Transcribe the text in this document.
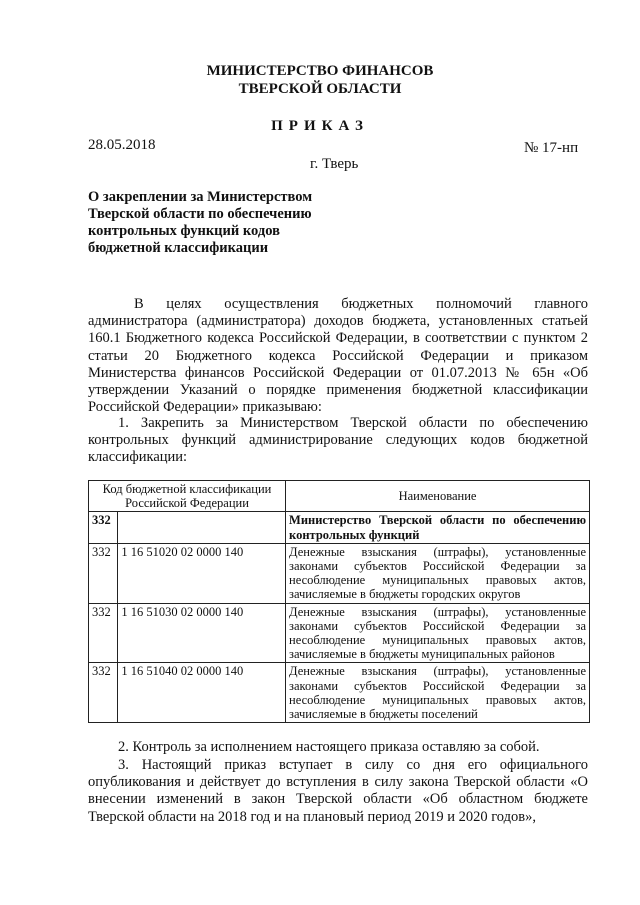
МИНИСТЕРСТВО ФИНАНСОВ
ТВЕРСКОЙ ОБЛАСТИ
ПРИКАЗ
28.05.2018	№ 17-нп
г. Тверь
О закреплении за Министерством Тверской области по обеспечению контрольных функций кодов бюджетной классификации
В целях осуществления бюджетных полномочий главного администратора (администратора) доходов бюджета, установленных статьей 160.1 Бюджетного кодекса Российской Федерации, в соответствии с пунктом 2 статьи 20 Бюджетного кодекса Российской Федерации и приказом Министерства финансов Российской Федерации от 01.07.2013 № 65н «Об утверждении Указаний о порядке применения бюджетной классификации Российской Федерации» приказываю:
1. Закрепить за Министерством Тверской области по обеспечению контрольных функций администрирование следующих кодов бюджетной классификации:
Код бюджетной классификации Российской Федерации		Наименование
332		Министерство Тверской области по обеспечению контрольных функций
332	1 16 51020 02 0000 140	Денежные взыскания (штрафы), установленные законами субъектов Российской Федерации за несоблюдение муниципальных правовых актов, зачисляемые в бюджеты городских округов
332	1 16 51030 02 0000 140	Денежные взыскания (штрафы), установленные законами субъектов Российской Федерации за несоблюдение муниципальных правовых актов, зачисляемые в бюджеты муниципальных районов
332	1 16 51040 02 0000 140	Денежные взыскания (штрафы), установленные законами субъектов Российской Федерации за несоблюдение муниципальных правовых актов, зачисляемые в бюджеты поселений
2. Контроль за исполнением настоящего приказа оставляю за собой.
3. Настоящий приказ вступает в силу со дня его официального опубликования и действует до вступления в силу закона Тверской области «О внесении изменений в закон Тверской области «Об областном бюджете Тверской области на 2018 год и на плановый период 2019 и 2020 годов»,
